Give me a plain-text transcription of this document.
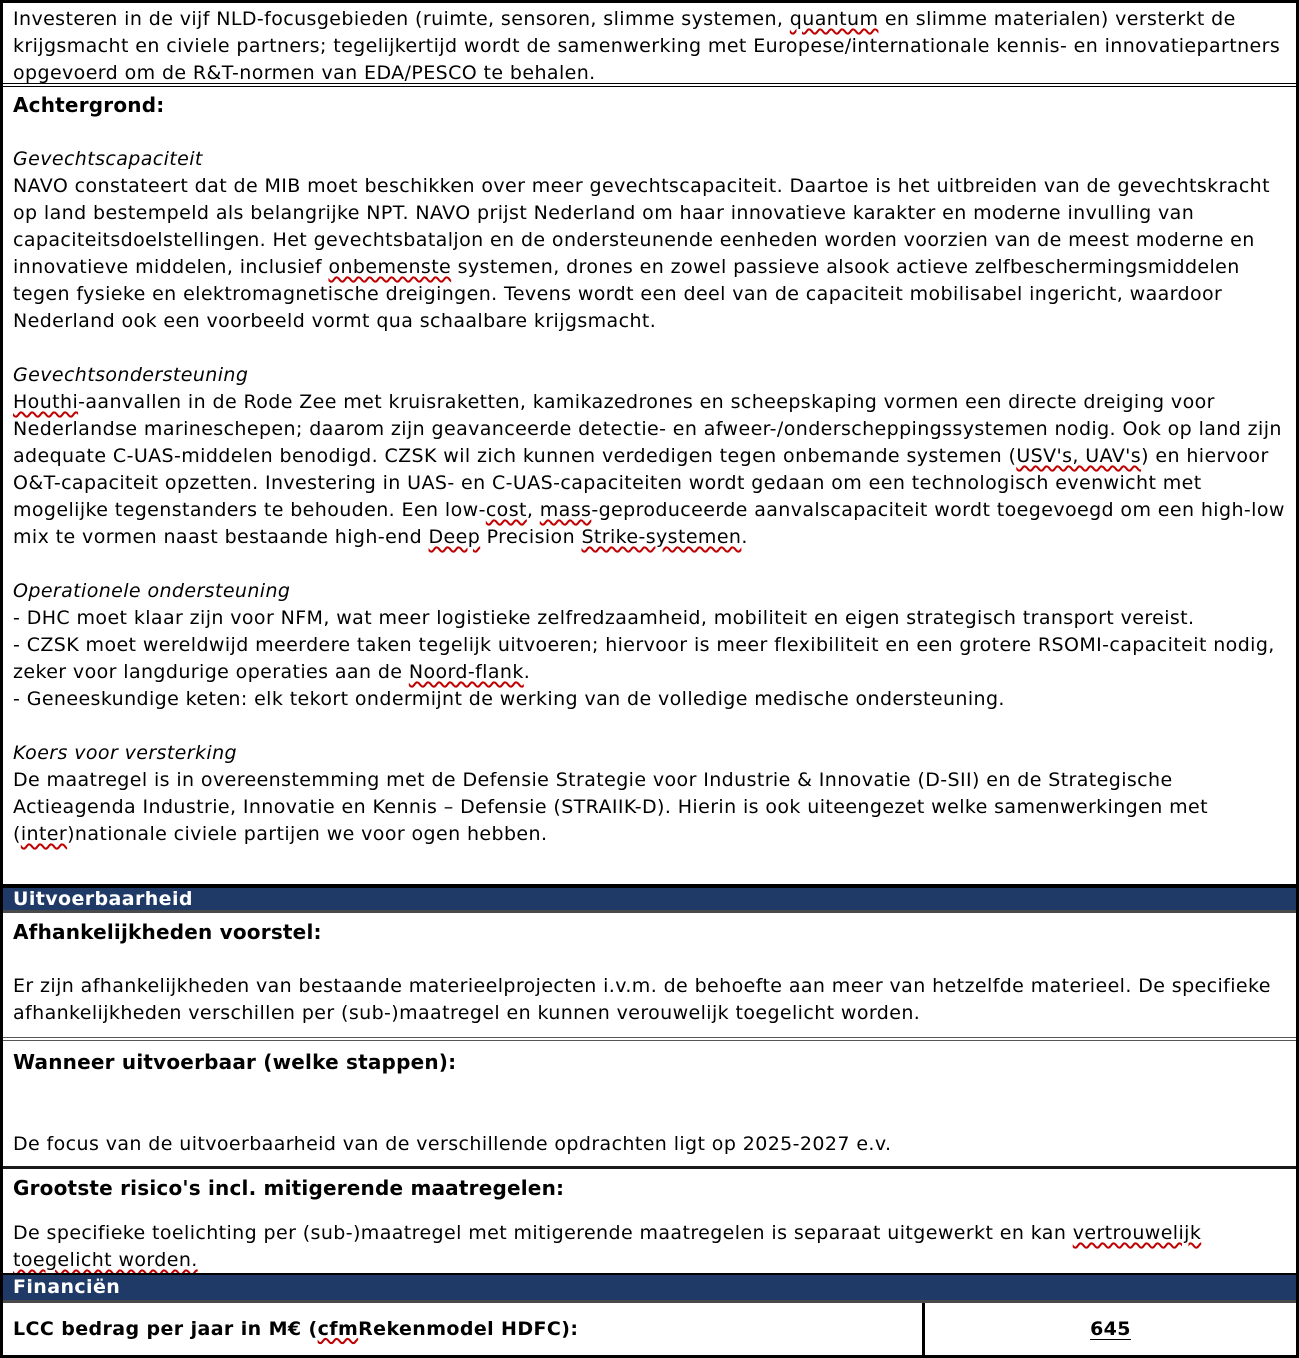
Investeren in de vijf NLD-focusgebieden (ruimte, sensoren, slimme systemen, quantum en slimme materialen) versterkt de krijgsmacht en civiele partners; tegelijkertijd wordt de samenwerking met Europese/internationale kennis- en innovatiepartners opgevoerd om de R&T-normen van EDA/PESCO te behalen.

Achtergrond:

Gevechtscapaciteit

NAVO constateert dat de MIB moet beschikken over meer gevechtscapaciteit. Daartoe is het uitbreiden van de gevechtskracht op land bestempeld als belangrijke NPT. NAVO prijst Nederland om haar innovatieve karakter en moderne invulling van capaciteitsdoelstellingen. Het gevechtsbataljon en de ondersteunende eenheden worden voorzien van de meest moderne en innovatieve middelen, inclusief onbemenste systemen, drones en zowel passieve alsook actieve zelfbeschermingsmiddelen tegen fysieke en elektromagnetische dreigingen. Tevens wordt een deel van de capaciteit mobilisabel ingericht, waardoor Nederland ook een voorbeeld vormt qua schaalbare krijgsmacht.

Gevechtsondersteuning

Houthi-aanvallen in de Rode Zee met kruisraketten, kamikazedrones en scheepskaping vormen een directe dreiging voor Nederlandse marineschepen; daarom zijn geavanceerde detectie- en afweer-/onderscheppingssystemen nodig. Ook op land zijn adequate C-UAS-middelen benodigd. CZSK wil zich kunnen verdedigen tegen onbemande systemen (USV's, UAV's) en hiervoor O&T-capaciteit opzetten. Investering in UAS- en C-UAS-capaciteiten wordt gedaan om een technologisch evenwicht met mogelijke tegenstanders te behouden. Een low-cost, mass-geproduceerde aanvalscapaciteit wordt toegevoegd om een high-low mix te vormen naast bestaande high-end Deep Precision Strike-systemen.

Operationele ondersteuning

- DHC moet klaar zijn voor NFM, wat meer logistieke zelfredzaamheid, mobiliteit en eigen strategisch transport vereist.

- CZSK moet wereldwijd meerdere taken tegelijk uitvoeren; hiervoor is meer flexibiliteit en een grotere RSOMI-capaciteit nodig, zeker voor langdurige operaties aan de Noord-flank.

- Geneeskundige keten: elk tekort ondermijnt de werking van de volledige medische ondersteuning.

Koers voor versterking

De maatregel is in overeenstemming met de Defensie Strategie voor Industrie & Innovatie (D-SII) en de Strategische Actieagenda Industrie, Innovatie en Kennis – Defensie (STRAIIK-D). Hierin is ook uiteengezet welke samenwerkingen met (inter)nationale civiele partijen we voor ogen hebben.

Uitvoerbaarheid

Afhankelijkheden voorstel:

Er zijn afhankelijkheden van bestaande materieelprojecten i.v.m. de behoefte aan meer van hetzelfde materieel. De specifieke afhankelijkheden verschillen per (sub-)maatregel en kunnen verouwelijk toegelicht worden.

Wanneer uitvoerbaar (welke stappen):

De focus van de uitvoerbaarheid van de verschillende opdrachten ligt op 2025-2027 e.v.

Grootste risico's incl. mitigerende maatregelen:

De specifieke toelichting per (sub-)maatregel met mitigerende maatregelen is separaat uitgewerkt en kan vertrouwelijk toegelicht worden.

Financiën
LCC bedrag per jaar in M€ ( cfm Rekenmodel HDFC):	645
